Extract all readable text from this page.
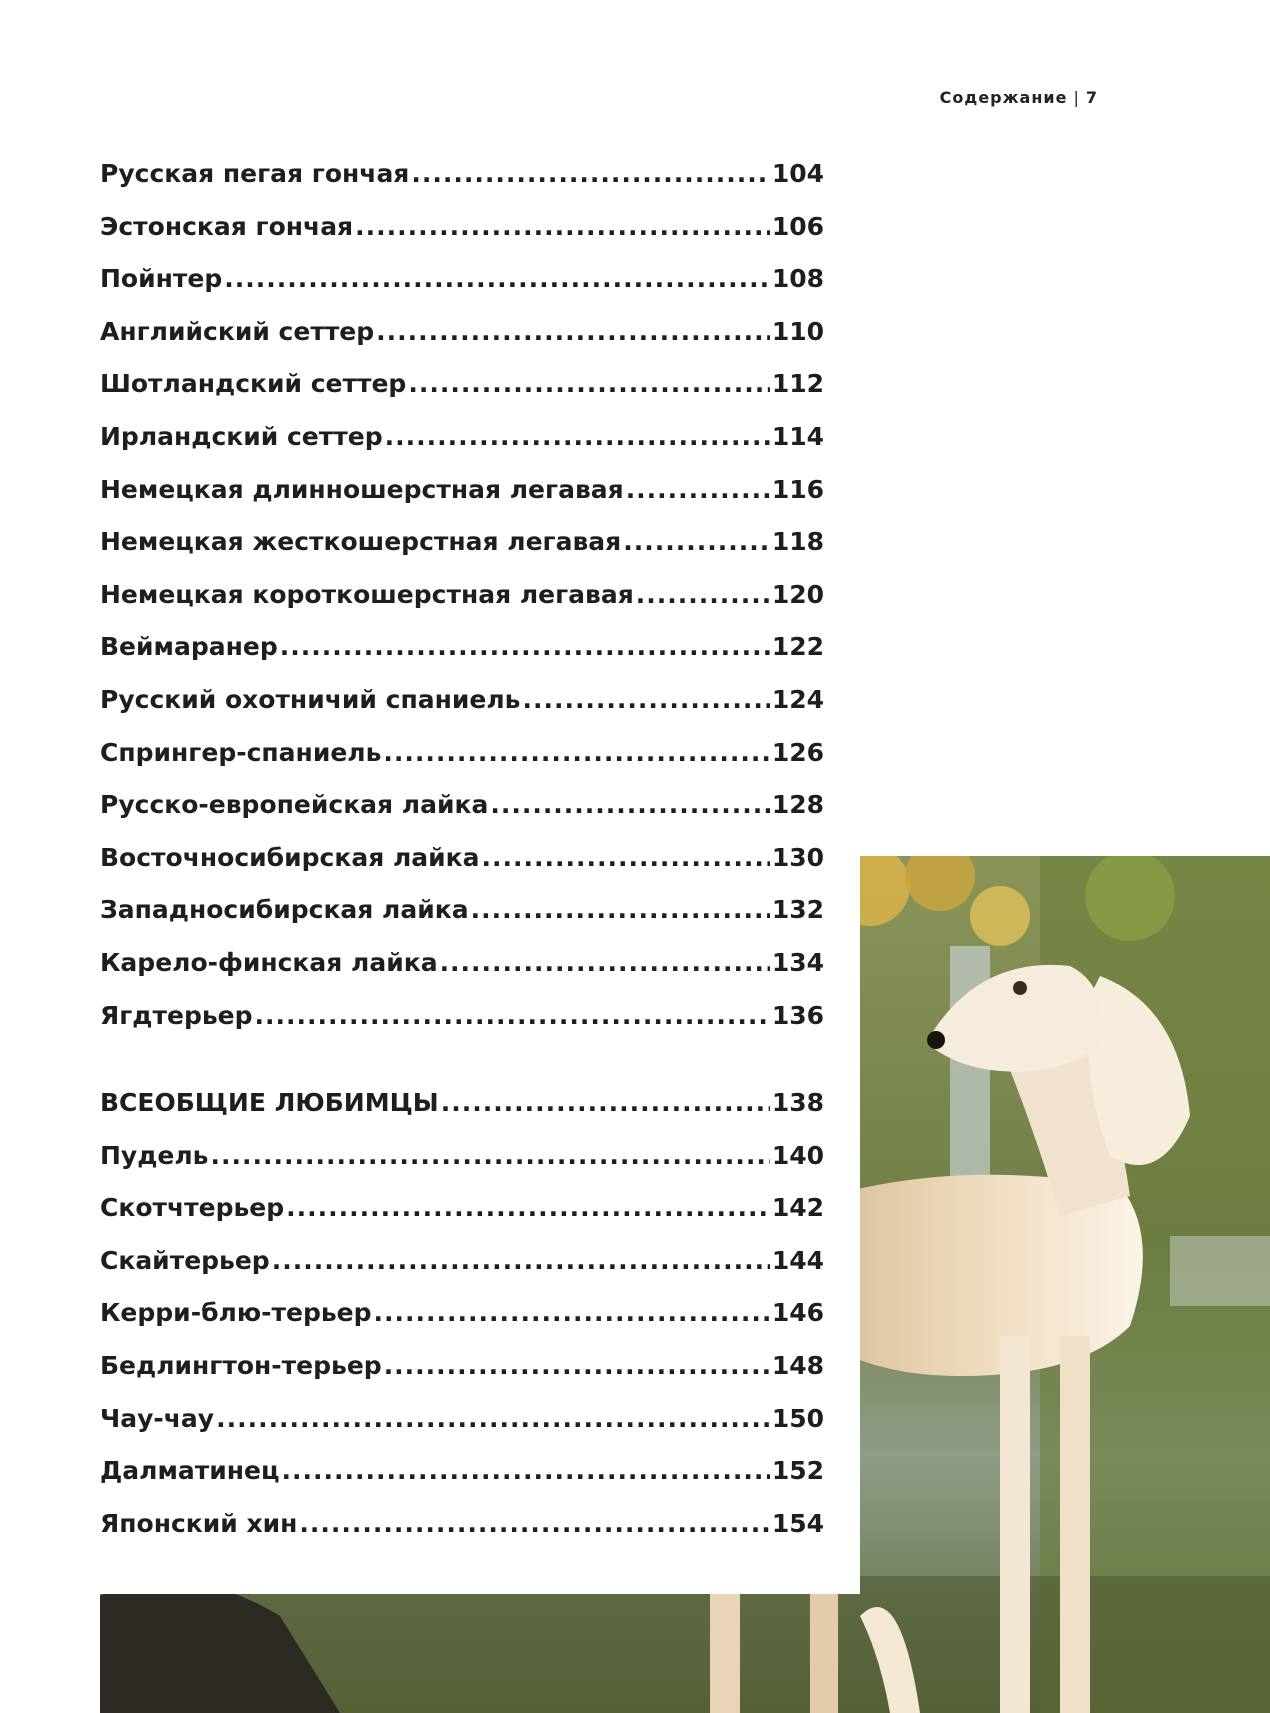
Содержание | 7
Русская пегая гончая .....	104
Эстонская гончая .....	106
Пойнтер .....	108
Английский сеттер .....	110
Шотландский сеттер .....	112
Ирландский сеттер .....	114
Немецкая длинношерстная легавая .....	116
Немецкая жесткошерстная легавая .....	118
Немецкая короткошерстная легавая .....	120
Веймаранер .....	122
Русский охотничий спаниель .....	124
Спрингер-спаниель .....	126
Русско-европейская лайка .....	128
Восточносибирская лайка .....	130
Западносибирская лайка .....	132
Карело-финская лайка .....	134
Ягдтерьер .....	136
ВСЕОБЩИЕ ЛЮБИМЦЫ .....	138
Пудель .....	140
Скотчтерьер .....	142
Скайтерьер .....	144
Керри-блю-терьер .....	146
Бедлингтон-терьер .....	148
Чау-чау .....	150
Далматинец .....	152
Японский хин .....	154
